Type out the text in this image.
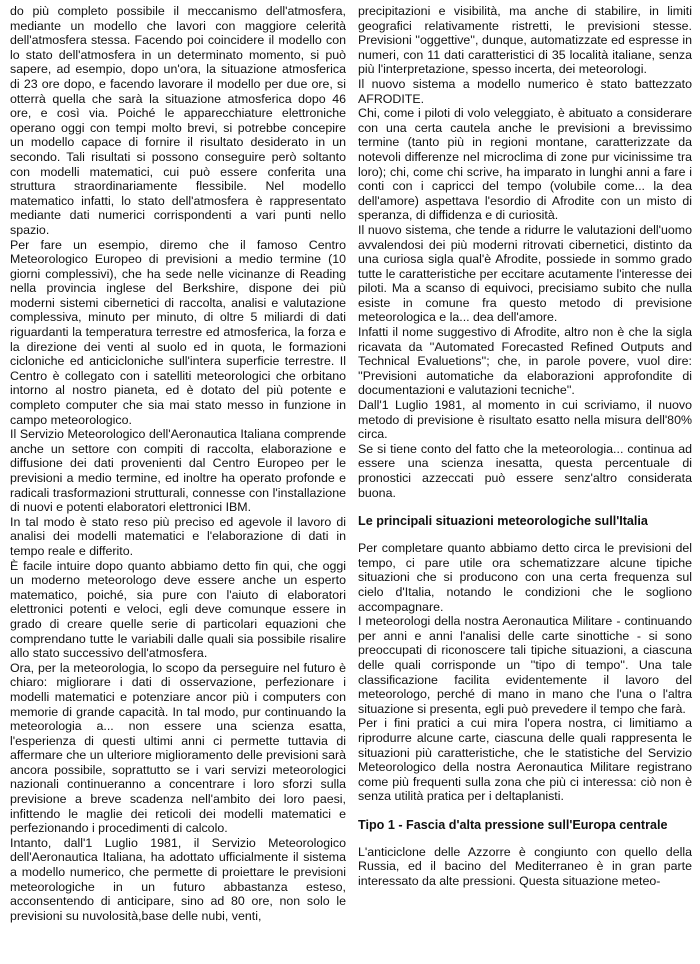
do più completo possibile il meccanismo dell'atmosfera, mediante un modello che lavori con maggiore celerità dell'atmosfera stessa. Facendo poi coincidere il modello con lo stato dell'atmosfera in un determinato momento, si può sapere, ad esempio, dopo un'ora, la situazione atmosferica di 23 ore dopo, e facendo lavorare il modello per due ore, si otterrà quella che sarà la situazione atmosferica dopo 46 ore, e così via. Poiché le apparecchiature elettroniche operano oggi con tempi molto brevi, si potrebbe concepire un modello capace di fornire il risultato desiderato in un secondo. Tali risultati si possono conseguire però soltanto con modelli matematici, cui può essere conferita una struttura straordinariamente flessibile. Nel modello matematico infatti, lo stato dell'atmosfera è rappresentato mediante dati numerici corrispondenti a vari punti nello spazio.

Per fare un esempio, diremo che il famoso Centro Meteorologico Europeo di previsioni a medio termine (10 giorni complessivi), che ha sede nelle vicinanze di Reading nella provincia inglese del Berkshire, dispone dei più moderni sistemi cibernetici di raccolta, analisi e valutazione complessiva, minuto per minuto, di oltre 5 miliardi di dati riguardanti la temperatura terrestre ed atmosferica, la forza e la direzione dei venti al suolo ed in quota, le formazioni cicloniche ed anticicloniche sull'intera superficie terrestre. Il Centro è collegato con i satelliti meteorologici che orbitano intorno al nostro pianeta, ed è dotato del più potente e completo computer che sia mai stato messo in funzione in campo meteorologico.

Il Servizio Meteorologico dell'Aeronautica Italiana comprende anche un settore con compiti di raccolta, elaborazione e diffusione dei dati provenienti dal Centro Europeo per le previsioni a medio termine, ed inoltre ha operato profonde e radicali trasformazioni strutturali, connesse con l'installazione di nuovi e potenti elaboratori elettronici IBM.

In tal modo è stato reso più preciso ed agevole il lavoro di analisi dei modelli matematici e l'elaborazione di dati in tempo reale e differito.

È facile intuire dopo quanto abbiamo detto fin qui, che oggi un moderno meteorologo deve essere anche un esperto matematico, poiché, sia pure con l'aiuto di elaboratori elettronici potenti e veloci, egli deve comunque essere in grado di creare quelle serie di particolari equazioni che comprendano tutte le variabili dalle quali sia possibile risalire allo stato successivo dell'atmosfera.

Ora, per la meteorologia, lo scopo da perseguire nel futuro è chiaro: migliorare i dati di osservazione, perfezionare i modelli matematici e potenziare ancor più i computers con memorie di grande capacità. In tal modo, pur continuando la meteorologia a... non essere una scienza esatta, l'esperienza di questi ultimi anni ci permette tuttavia di affermare che un ulteriore miglioramento delle previsioni sarà ancora possibile, soprattutto se i vari servizi meteorologici nazionali continueranno a concentrare i loro sforzi sulla previsione a breve scadenza nell'ambito dei loro paesi, infittendo le maglie dei reticoli dei modelli matematici e perfezionando i procedimenti di calcolo.

Intanto, dall'1 Luglio 1981, il Servizio Meteorologico dell'Aeronautica Italiana, ha adottato ufficialmente il sistema a modello numerico, che permette di proiettare le previsioni meteorologiche in un futuro abbastanza esteso, acconsentendo di anticipare, sino ad 80 ore, non solo le previsioni su nuvolosità,base delle nubi, venti,

precipitazioni e visibilità, ma anche di stabilire, in limiti geografici relativamente ristretti, le previsioni stesse. Previsioni ''oggettive'', dunque, automatizzate ed espresse in numeri, con 11 dati caratteristici di 35 località italiane, senza più l'interpretazione, spesso incerta, dei meteorologi.

Il nuovo sistema a modello numerico è stato battezzato AFRODITE.

Chi, come i piloti di volo veleggiato, è abituato a considerare con una certa cautela anche le previsioni a brevissimo termine (tanto più in regioni montane, caratterizzate da notevoli differenze nel microclima di zone pur vicinissime tra loro); chi, come chi scrive, ha imparato in lunghi anni a fare i conti con i capricci del tempo (volubile come... la dea dell'amore) aspettava l'esordio di Afrodite con un misto di speranza, di diffidenza e di curiosità.

Il nuovo sistema, che tende a ridurre le valutazioni dell'uomo avvalendosi dei più moderni ritrovati cibernetici, distinto da una curiosa sigla qual'è Afrodite, possiede in sommo grado tutte le caratteristiche per eccitare acutamente l'interesse dei piloti. Ma a scanso di equivoci, precisiamo subito che nulla esiste in comune fra questo metodo di previsione meteorologica e la... dea dell'amore.

Infatti il nome suggestivo di Afrodite, altro non è che la sigla ricavata da ''Automated Forecasted Refined Outputs and Technical Evaluetions''; che, in parole povere, vuol dire: ''Previsioni automatiche da elaborazioni approfondite di documentazioni e valutazioni tecniche''.

Dall'1 Luglio 1981, al momento in cui scriviamo, il nuovo metodo di previsione è risultato esatto nella misura dell'80% circa.

Se si tiene conto del fatto che la meteorologia... continua ad essere una scienza inesatta, questa percentuale di pronostici azzeccati può essere senz'altro considerata buona.

Le principali situazioni meteorologiche sull'Italia

Per completare quanto abbiamo detto circa le previsioni del tempo, ci pare utile ora schematizzare alcune tipiche situazioni che si producono con una certa frequenza sul cielo d'Italia, notando le condizioni che le sogliono accompagnare.

I meteorologi della nostra Aeronautica Militare - continuando per anni e anni l'analisi delle carte sinottiche - si sono preoccupati di riconoscere tali tipiche situazioni, a ciascuna delle quali corrisponde un ''tipo di tempo''. Una tale classificazione facilita evidentemente il lavoro del meteorologo, perché di mano in mano che l'una o l'altra situazione si presenta, egli può prevedere il tempo che farà.

Per i fini pratici a cui mira l'opera nostra, ci limitiamo a riprodurre alcune carte, ciascuna delle quali rappresenta le situazioni più caratteristiche, che le statistiche del Servizio Meteorologico della nostra Aeronautica Militare registrano come più frequenti sulla zona che più ci interessa: ciò non è senza utilità pratica per i deltaplanisti.

Tipo 1 - Fascia d'alta pressione sull'Europa centrale

L'anticiclone delle Azzorre è congiunto con quello della Russia, ed il bacino del Mediterraneo è in gran parte interessato da alte pressioni. Questa situazione meteo-
